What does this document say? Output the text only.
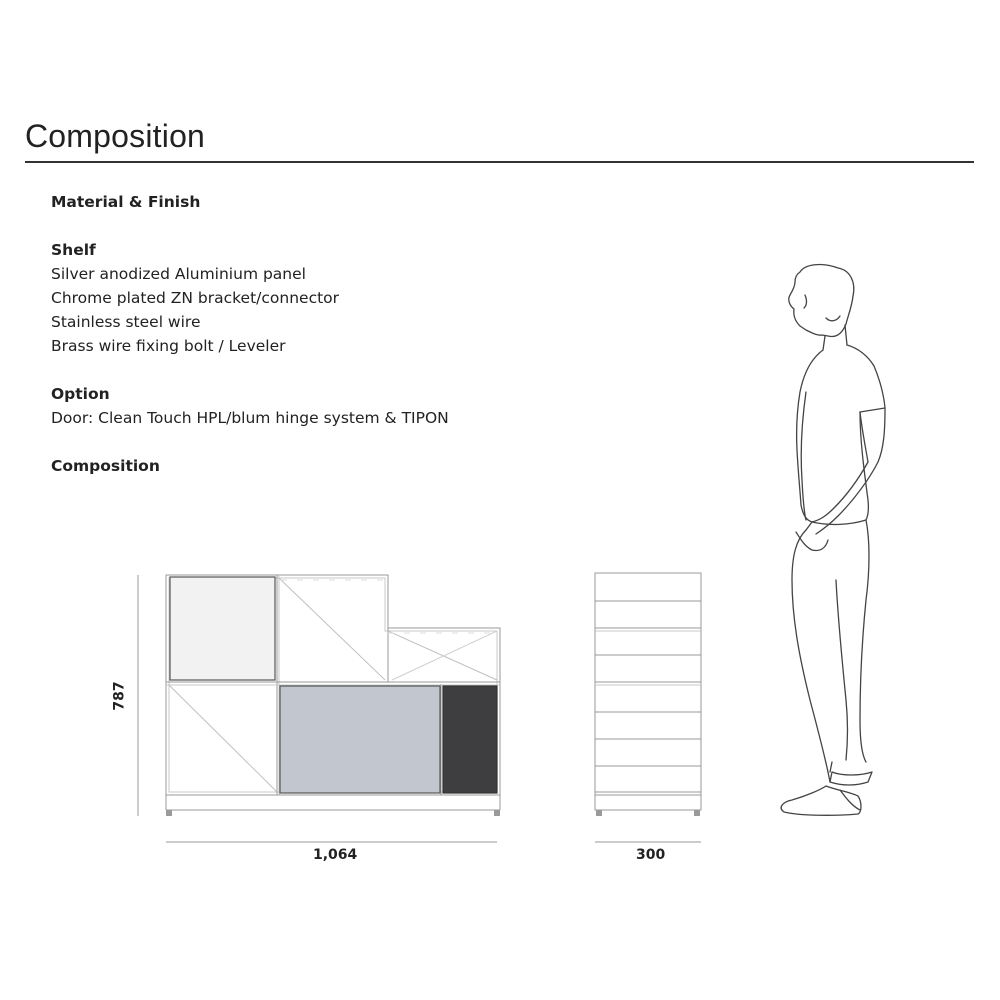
Composition
Material & Finish
Shelf
Silver anodized Aluminium panel
Chrome plated ZN bracket/connector
Stainless steel wire
Brass wire fixing bolt / Leveler
Option
Door: Clean Touch HPL/blum hinge system & TIPON
Composition
787
1,064	300
